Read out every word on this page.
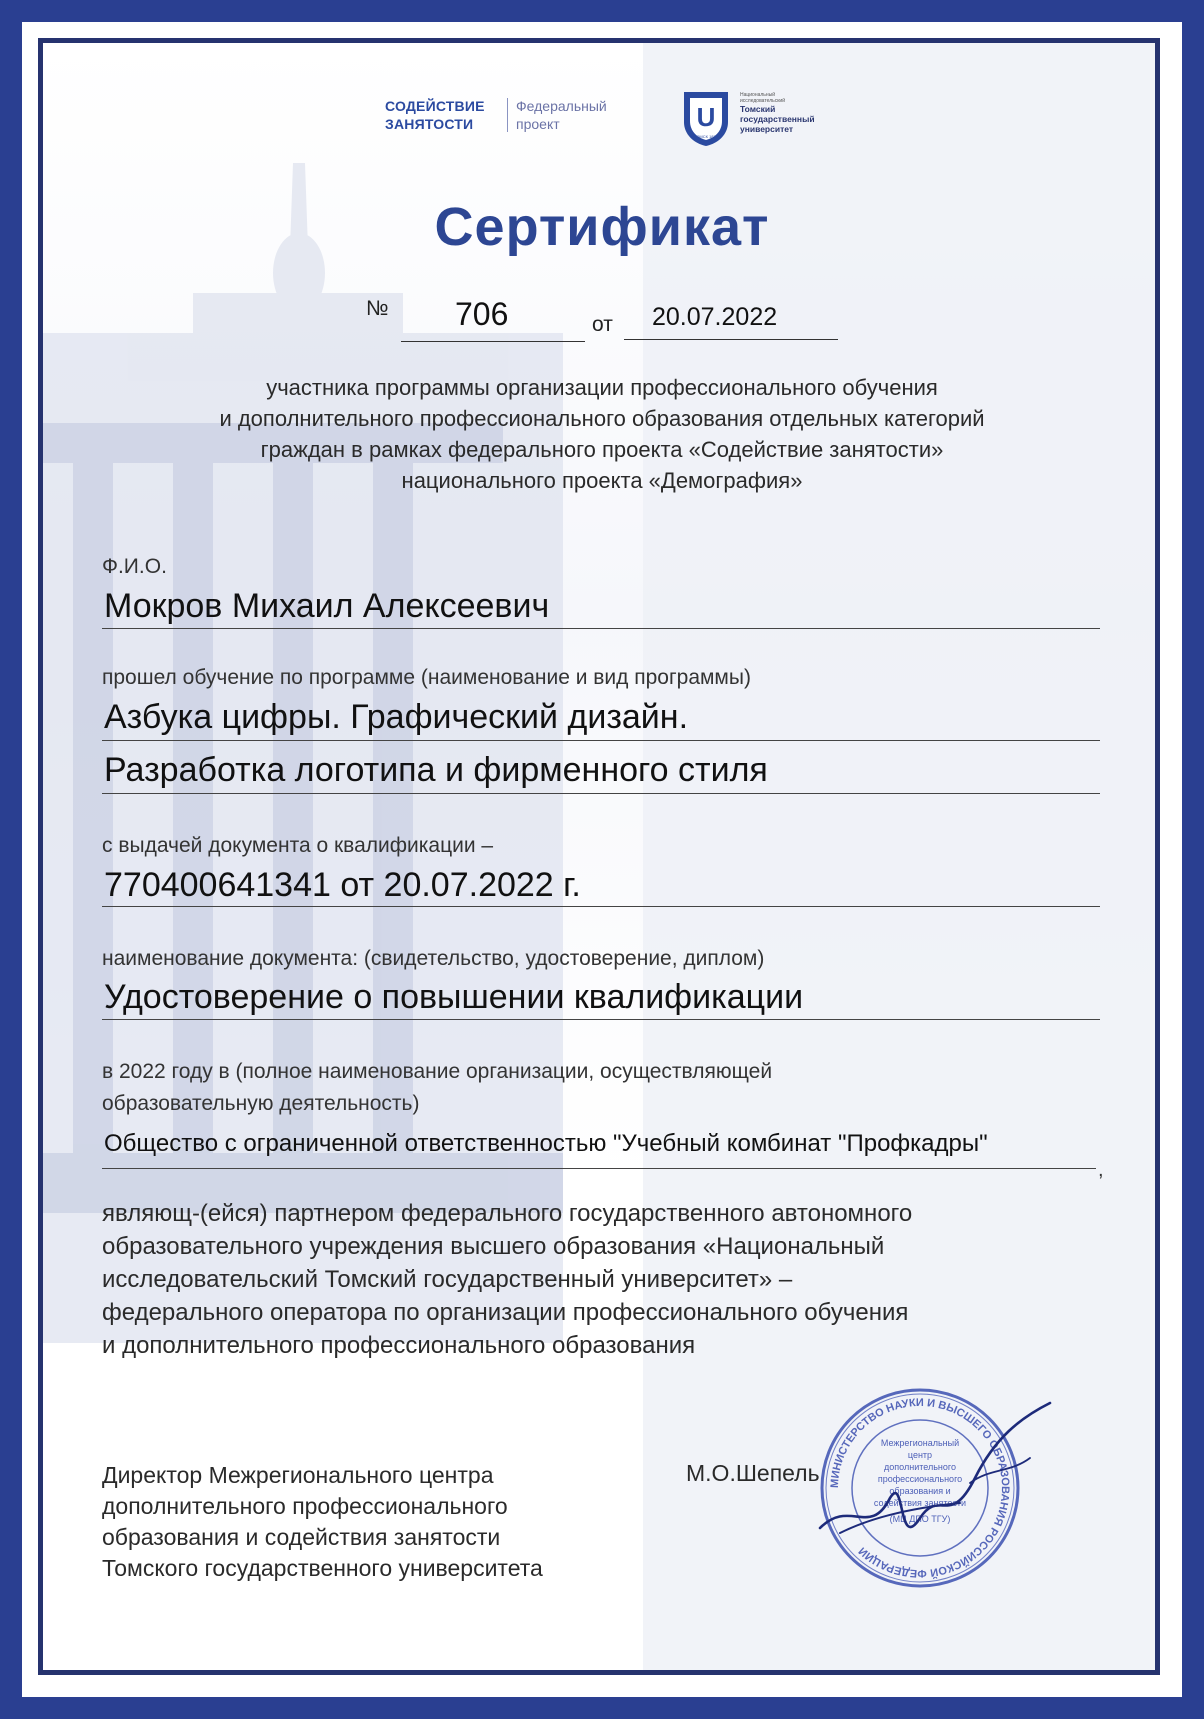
СОДЕЙСТВИЕ
ЗАНЯТОСТИ
Федеральный
проект	U
ТОМСК 1878
Национальный
исследовательский
Томский
государственный
университет
Сертификат
№ 706	от 20.07.2022
участника программы организации профессионального обучения
и дополнительного профессионального образования отдельных категорий
граждан в рамках федерального проекта «Содействие занятости»
национального проекта «Демография»
Ф.И.О.
Мокров Михаил Алексеевич
прошел обучение по программе (наименование и вид программы)
Азбука цифры. Графический дизайн.
Разработка логотипа и фирменного стиля
с выдачей документа о квалификации –
770400641341 от 20.07.2022 г.
наименование документа: (свидетельство, удостоверение, диплом)
Удостоверение о повышении квалификации
в 2022 году в (полное наименование организации, осуществляющей
образовательную деятельность)
Общество с ограниченной ответственностью "Учебный комбинат "Профкадры"
,
являющ-(ейся) партнером федерального государственного автономного
образовательного учреждения высшего образования «Национальный
исследовательский Томский государственный университет» –
федерального оператора по организации профессионального обучения
и дополнительного профессионального образования
Директор Межрегионального центра
дополнительного профессионального
образования и содействия занятости
Томского государственного университета
МИНИСТЕРСТВО НАУКИ И ВЫСШЕГО ОБРАЗОВАНИЯ РОССИЙСКОЙ ФЕДЕРАЦИИ
Межрегиональный
центр
дополнительного
профессионального
образования и
содействия занятости
(МЦ ДПО ТГУ)
М.О.Шепель
